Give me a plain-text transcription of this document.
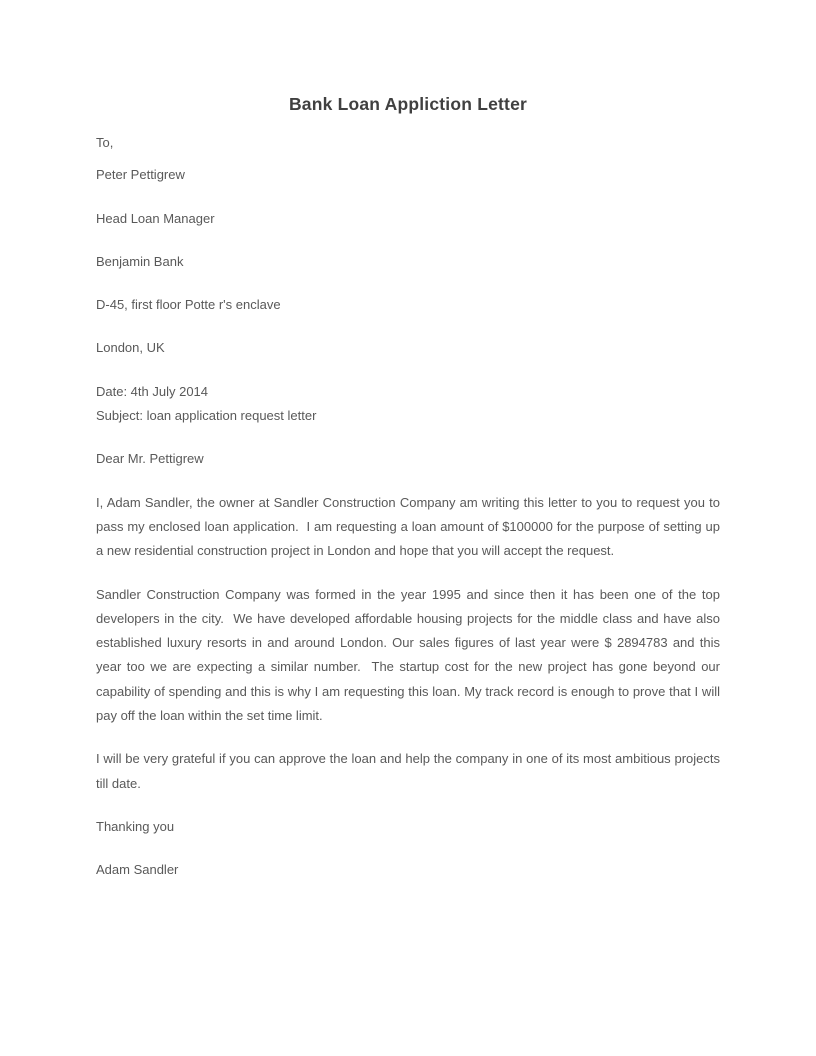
Bank Loan Appliction Letter

To,

Peter Pettigrew

Head Loan Manager

Benjamin Bank

D-45, first floor Potte r's enclave

London, UK

Date: 4th July 2014

Subject: loan application request letter

Dear Mr. Pettigrew

I, Adam Sandler, the owner at Sandler Construction Company am writing this letter to you to request you to pass my enclosed loan application.  I am requesting a loan amount of $100000 for the purpose of setting up a new residential construction project in London and hope that you will accept the request.

Sandler Construction Company was formed in the year 1995 and since then it has been one of the top developers in the city.  We have developed affordable housing projects for the middle class and have also established luxury resorts in and around London. Our sales figures of last year were $ 2894783 and this year too we are expecting a similar number.  The startup cost for the new project has gone beyond our capability of spending and this is why I am requesting this loan. My track record is enough to prove that I will pay off the loan within the set time limit.

I will be very grateful if you can approve the loan and help the company in one of its most ambitious projects till date.

Thanking you

Adam Sandler
